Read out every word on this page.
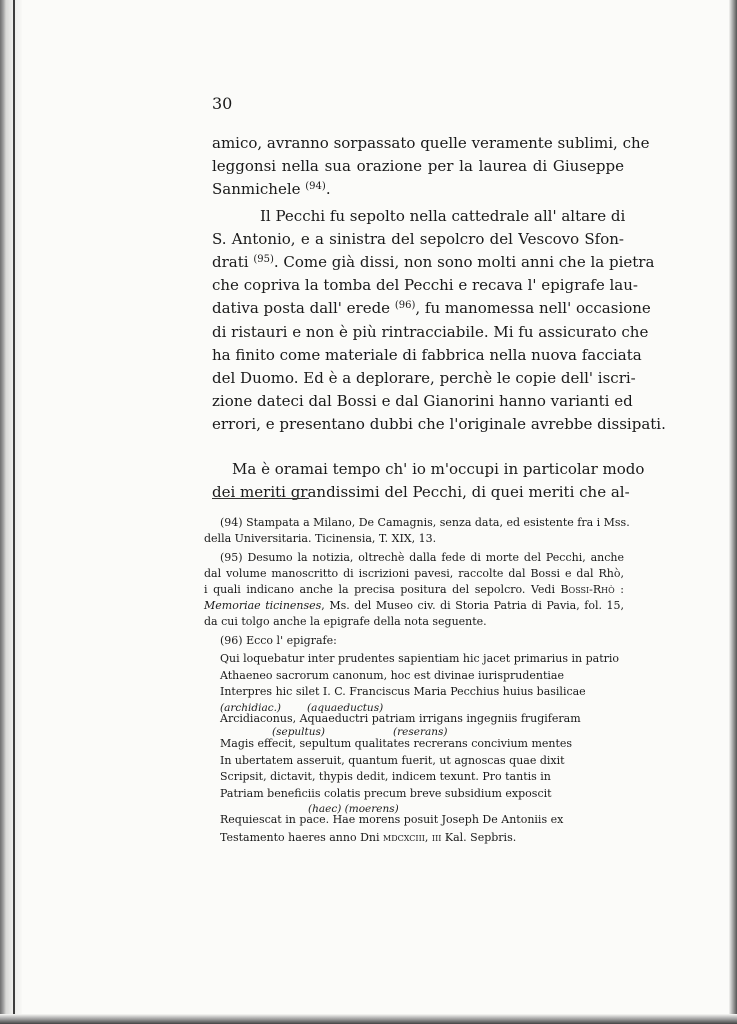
30

amico, avranno sorpassato quelle veramente sublimi, che
leggonsi nella sua orazione per la laurea di Giuseppe
Sanmichele $^{(94)}$.

Il Pecchi fu sepolto nella cattedrale all' altare di
S. Antonio, e a sinistra del sepolcro del Vescovo Sfon-
drati $^{(95)}$. Come già dissi, non sono molti anni che la pietra
che copriva la tomba del Pecchi e recava l' epigrafe lau-
dativa posta dall' erede $^{(96)}$, fu manomessa nell' occasione
di ristauri e non è più rintracciabile. Mi fu assicurato che
ha finito come materiale di fabbrica nella nuova facciata
del Duomo. Ed è a deplorare, perchè le copie dell' iscri-
zione dateci dal Bossi e dal Gianorini hanno varianti ed
errori, e presentano dubbi che l'originale avrebbe dissipati.

Ma è oramai tempo ch' io m'occupi in particolar modo
dei meriti grandissimi del Pecchi, di quei meriti che al-

(94) Stampata a Milano, De Camagnis, senza data, ed esistente fra i Mss.
della Universitaria. Ticinensia, T. XIX, 13.

(95) Desumo la notizia, oltrechè dalla fede di morte del Pecchi, anche
dal volume manoscritto di iscrizioni pavesi, raccolte dal Bossi e dal Rhò,
i quali indicano anche la precisa positura del sepolcro. Vedi Bossi-Rhò :
Memoriae ticinenses, Ms. del Museo civ. di Storia Patria di Pavia, fol. 15,
da cui tolgo anche la epigrafe della nota seguente.

(96) Ecco l' epigrafe:
Qui loquebatur inter prudentes sapientiam hic jacet primarius in patrio
Athaeneo sacrorum canonum, hoc est divinae iurisprudentiae
Interpres hic silet I. C. Franciscus Maria Pecchius huius basilicae
(archidiac.) (aquaeductus)
Arcidiaconus, Aquaeductri patriam irrigans ingegniis frugiferam
(sepultus)	(reserans)
Magis effecit, sepultum qualitates recrerans concivium mentes
In ubertatem asseruit, quantum fuerit, ut agnoscas quae dixit
Scripsit, dictavit, thypis dedit, indicem texunt. Pro tantis in
Patriam beneficiis colatis precum breve subsidium exposcit
(haec) (moerens)
Requiescat in pace. Hae morens posuit Joseph De Antoniis ex
Testamento haeres anno Dni mdcxciii, iii Kal. Sepbris.
